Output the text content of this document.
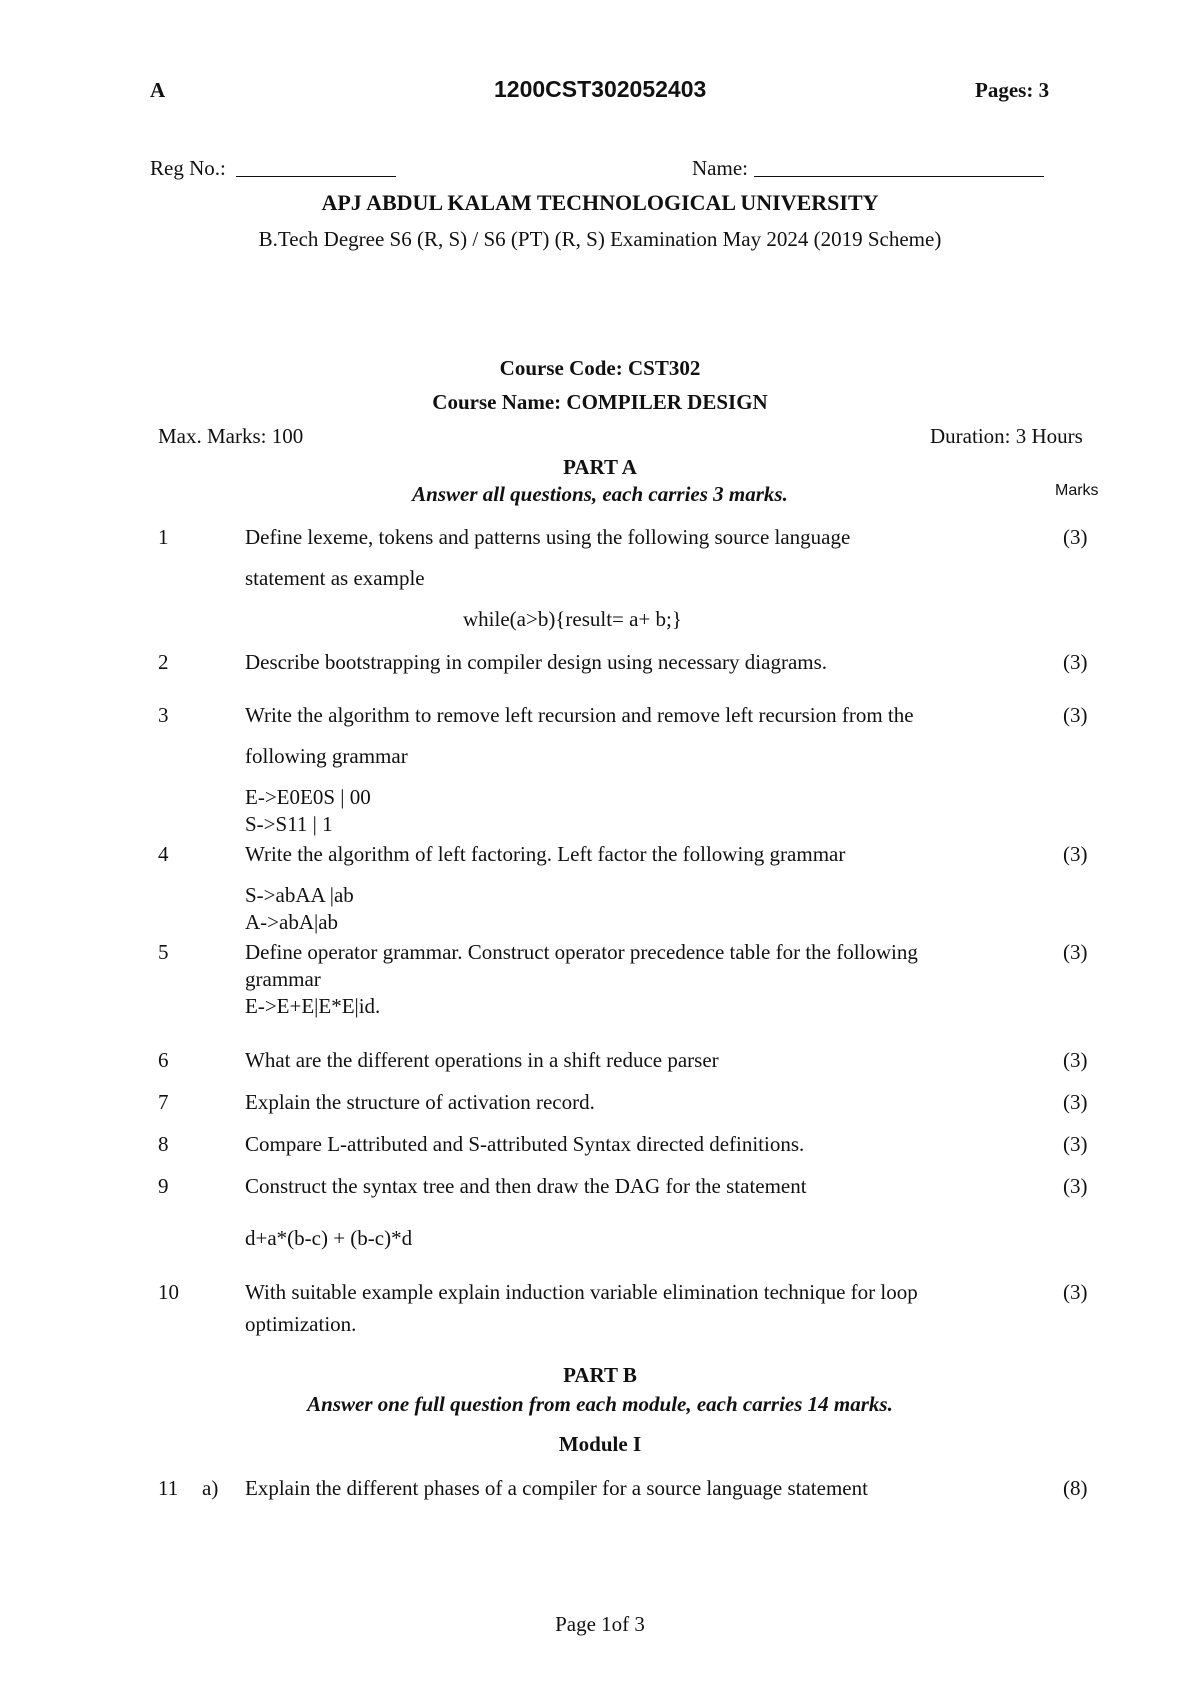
A	1200CST302052403	Pages: 3
Reg No.:	Name:
APJ ABDUL KALAM TECHNOLOGICAL UNIVERSITY
B.Tech Degree S6 (R, S) / S6 (PT) (R, S) Examination May 2024 (2019 Scheme)
Course Code: CST302
Course Name: COMPILER DESIGN
Max. Marks: 100	Duration: 3 Hours
PART A
Answer all questions, each carries 3 marks.	Marks
1	Define lexeme, tokens and patterns using the following source language
statement as example
while(a>b){result= a+ b;}
(3)
2	Describe bootstrapping in compiler design using necessary diagrams.	(3)
3	Write the algorithm to remove left recursion and remove left recursion from the
following grammar
E->E0E0S | 00
S->S11 | 1
(3)
4	Write the algorithm of left factoring. Left factor the following grammar
S->abAA |ab
A->abA|ab
(3)
5	Define operator grammar. Construct operator precedence table for the following
grammar
E->E+E|E*E|id.
(3)
6	What are the different operations in a shift reduce parser	(3)
7	Explain the structure of activation record.	(3)
8	Compare L-attributed and S-attributed Syntax directed definitions.	(3)
9	Construct the syntax tree and then draw the DAG for the statement
d+a*(b-c) + (b-c)*d
(3)
10	With suitable example explain induction variable elimination technique for loop
optimization.
(3)
PART B
Answer one full question from each module, each carries 14 marks.
Module I
11 a) Explain the different phases of a compiler for a source language statement	(8)
Page 1of 3
